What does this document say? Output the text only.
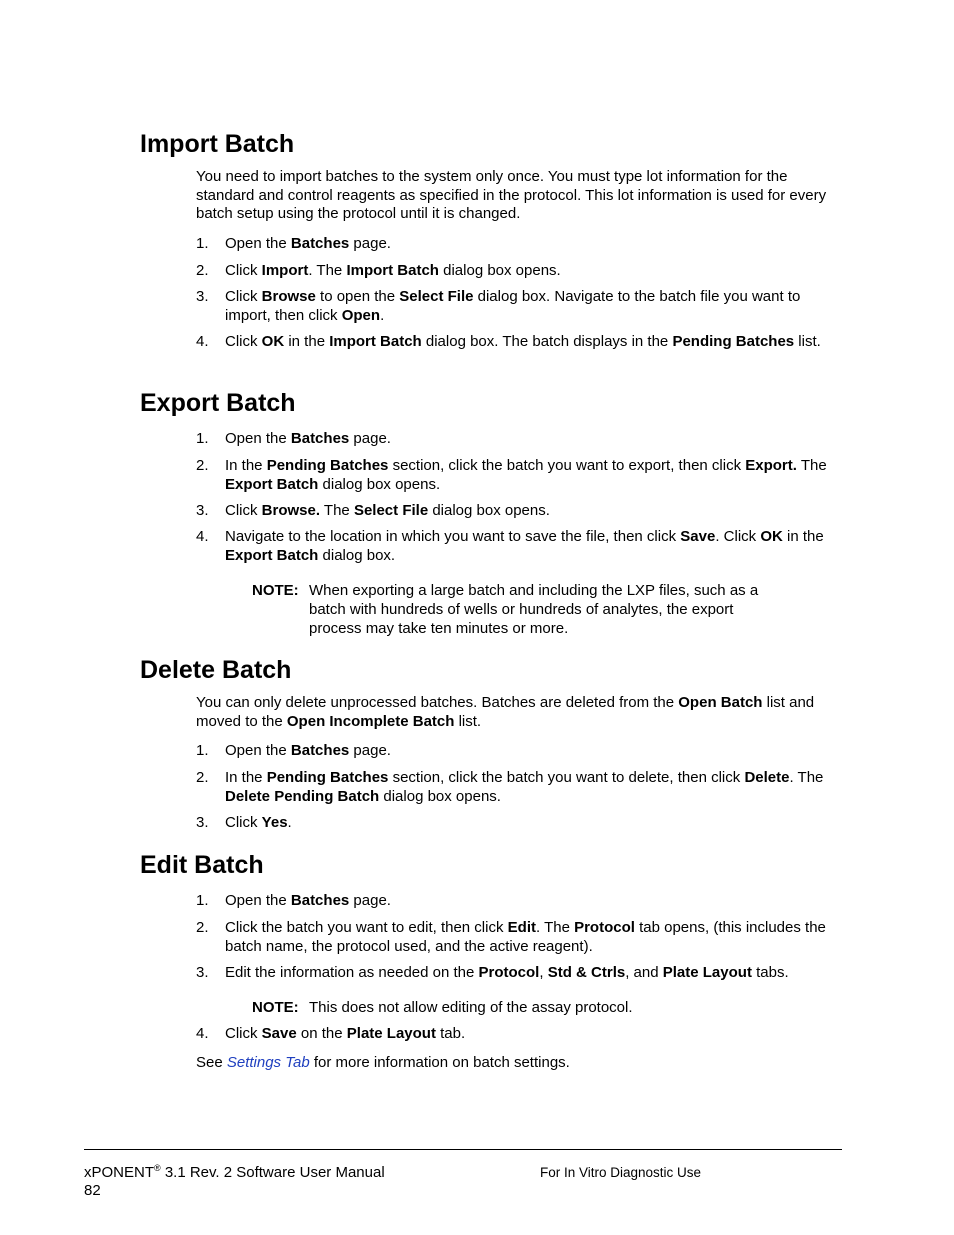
Import Batch

You need to import batches to the system only once. You must type lot information for the standard and control reagents as specified in the protocol. This lot information is used for every batch setup using the protocol until it is changed.

1.	Open the Batches page.
2.	Click Import. The Import Batch dialog box opens.
3.	Click Browse to open the Select File dialog box. Navigate to the batch file you want to import, then click Open.
4.	Click OK in the Import Batch dialog box. The batch displays in the Pending Batches list.
Export Batch
1.	Open the Batches page.
2.	In the Pending Batches section, click the batch you want to export, then click Export. The Export Batch dialog box opens.
3.	Click Browse. The Select File dialog box opens.
4.	Navigate to the location in which you want to save the file, then click Save. Click OK in the Export Batch dialog box.
NOTE: When exporting a large batch and including the LXP files, such as a batch with hundreds of wells or hundreds of analytes, the export process may take ten minutes or more.
Delete Batch

You can only delete unprocessed batches. Batches are deleted from the Open Batch list and moved to the Open Incomplete Batch list.

1.	Open the Batches page.
2.	In the Pending Batches section, click the batch you want to delete, then click Delete. The Delete Pending Batch dialog box opens.
3.	Click Yes.
Edit Batch
1.	Open the Batches page.
2.	Click the batch you want to edit, then click Edit. The Protocol tab opens, (this includes the batch name, the protocol used, and the active reagent).
3.	Edit the information as needed on the Protocol, Std & Ctrls, and Plate Layout tabs.
NOTE: This does not allow editing of the assay protocol.
4.	Click Save on the Plate Layout tab.

See Settings Tab for more information on batch settings.

xPONENT® 3.1 Rev. 2 Software User Manual
82
For In Vitro Diagnostic Use
